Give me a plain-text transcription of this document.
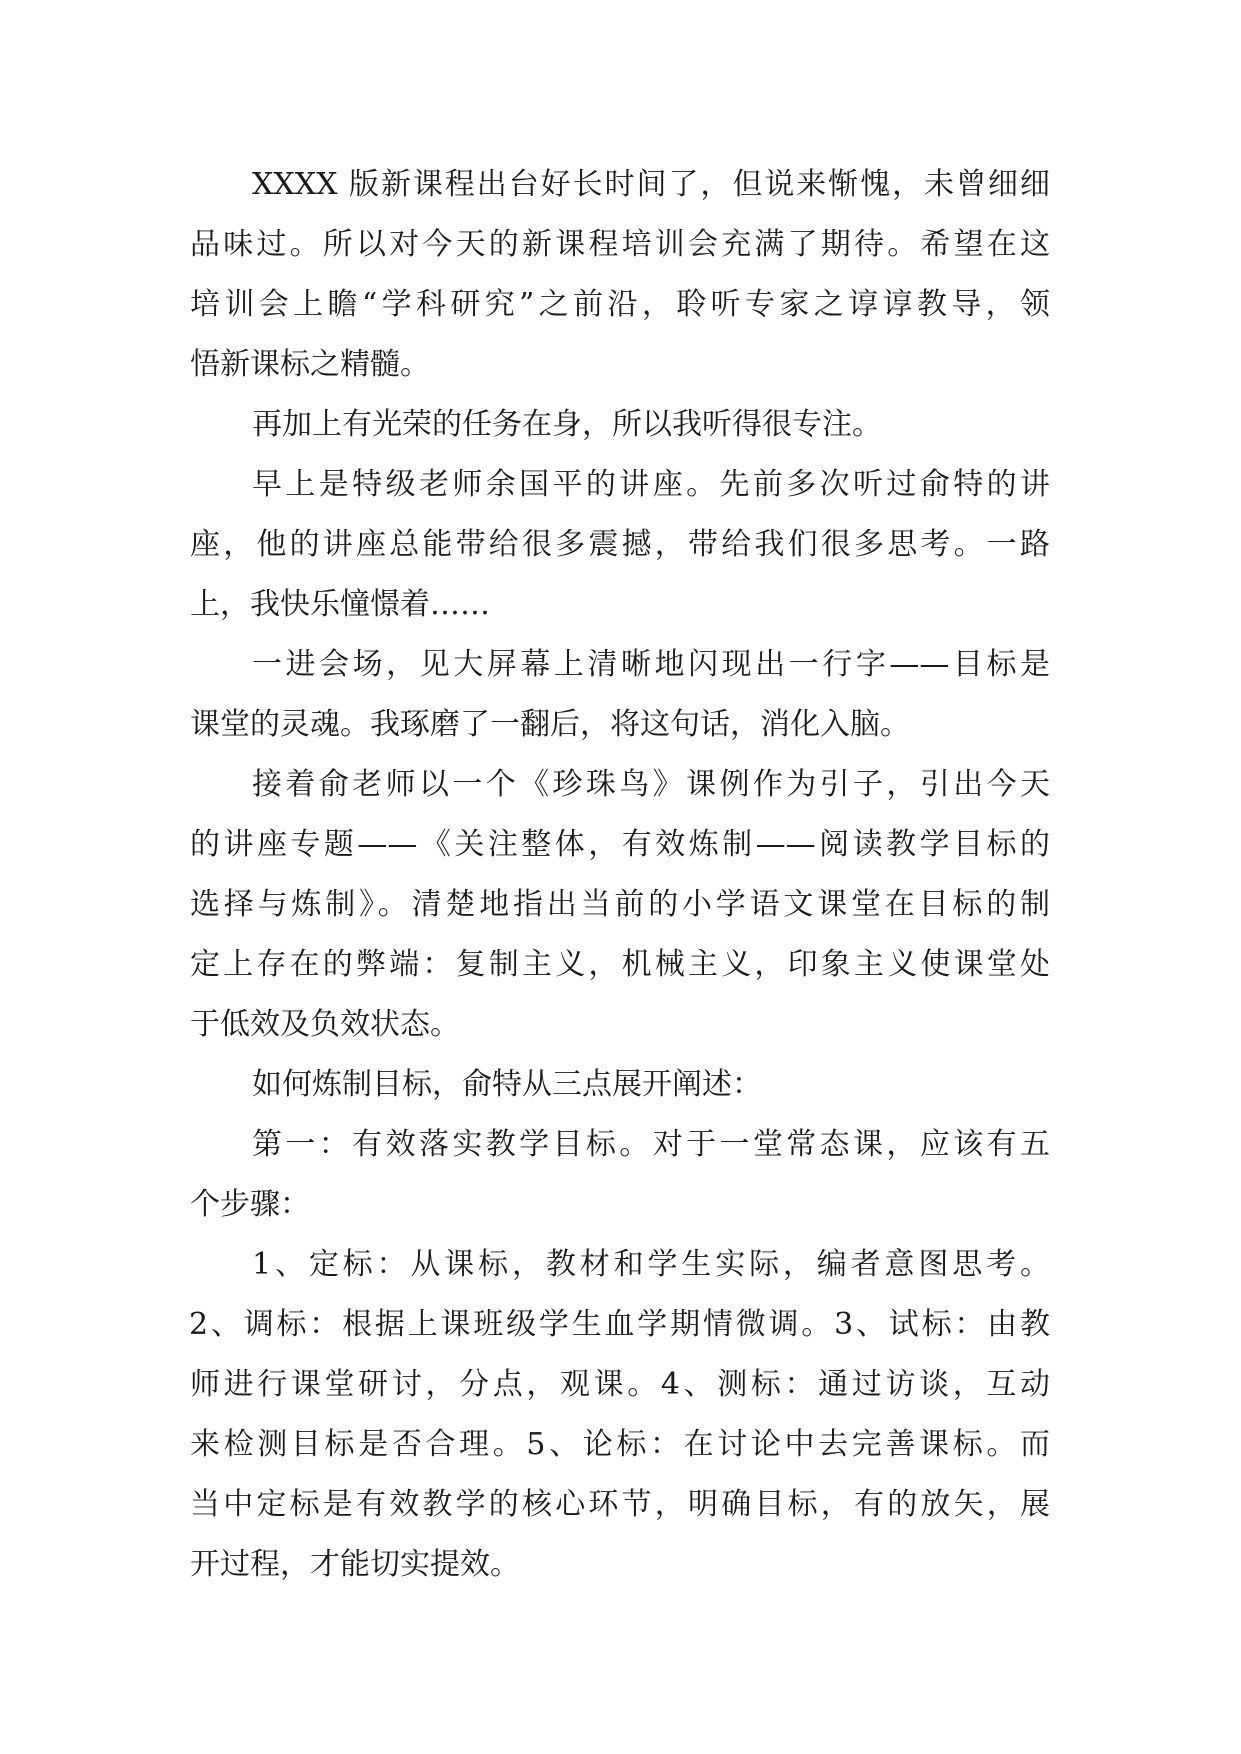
XXXX 版新课程出台好长时间了，但说来惭愧，未曾细细
品味过。所以对今天的新课程培训会充满了期待。希望在这
培训会上瞻“学科研究”之前沿，聆听专家之谆谆教导，领
悟新课标之精髓。
再加上有光荣的任务在身，所以我听得很专注。
早上是特级老师余国平的讲座。先前多次听过俞特的讲
座，他的讲座总能带给很多震撼，带给我们很多思考。一路
上，我快乐憧憬着……
一进会场，见大屏幕上清晰地闪现出一行字——目标是
课堂的灵魂。我琢磨了一翻后，将这句话，消化入脑。
接着俞老师以一个《珍珠鸟》课例作为引子，引出今天
的讲座专题——《关注整体，有效炼制——阅读教学目标的
选择与炼制》。清楚地指出当前的小学语文课堂在目标的制
定上存在的弊端：复制主义，机械主义，印象主义使课堂处
于低效及负效状态。
如何炼制目标，俞特从三点展开阐述：
第一：有效落实教学目标。对于一堂常态课，应该有五
个步骤：
1、定标：从课标，教材和学生实际，编者意图思考。
2、调标：根据上课班级学生血学期情微调。3、试标：由教
师进行课堂研讨，分点，观课。4、测标：通过访谈，互动
来检测目标是否合理。5、论标：在讨论中去完善课标。而
当中定标是有效教学的核心环节，明确目标，有的放矢，展
开过程，才能切实提效。
